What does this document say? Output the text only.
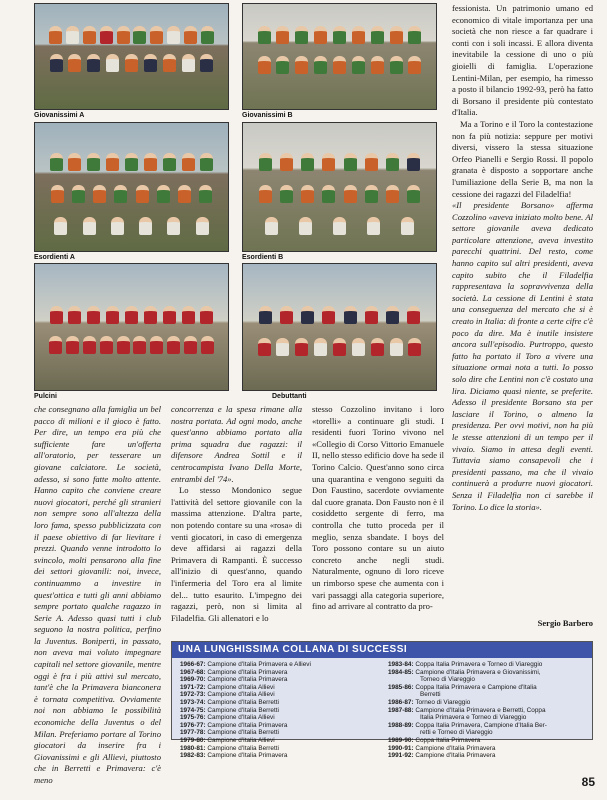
Giovanissimi A	Giovanissimi B
Esordienti A	Esordienti B
Pulcini	Debuttanti

fessionista. Un patrimonio umano ed economico di vitale importanza per una società che non riesce a far quadrare i conti con i soli incassi. E allora diventa inevitabile la cessione di uno o più gioielli di famiglia. L'operazione Lentini-Milan, per esempio, ha rimesso a posto il bilancio 1992-93, però ha fatto di Borsano il presidente più contestato d'Italia.

Ma a Torino e il Toro la contestazione non fa più notizia: seppure per motivi diversi, vissero la stessa situazione Orfeo Pianelli e Sergio Rossi. Il popolo granata è disposto a sopportare anche l'umiliazione della Serie B, ma non la cessione dei ragazzi del Filadelfia!

«Il presidente Borsano» afferma Cozzolino «aveva iniziato molto bene. Al settore giovanile aveva dedicato particolare attenzione, aveva investito parecchi quattrini. Del resto, come hanno capito sul altri presidenti, aveva capito subito che il Filadelfia rappresentava la sopravvivenza della società. La cessione di Lentini è stata una conseguenza del mercato che si è creato in Italia: di fronte a certe cifre c'è poco da dire. Ma è inutile insistere ancora sull'episodio. Purtroppo, questo fatto ha portato il Toro a vivere una situazione ormai nota a tutti. Io posso solo dire che Lentini non c'è costato una lira. Diciamo quasi niente, se preferite. Adesso il presidente Borsano sta per lasciare il Torino, o almeno la presidenza. Per ovvi motivi, non ha più le stesse attenzioni di un tempo per il vivaio. Siamo in attesa degli eventi. Tuttavia siamo consapevoli che i presidenti passano, ma che il vivaio continuerà a produrre nuovi giocatori. Senza il Filadelfia non ci sarebbe il Torino. Lo dice la storia».

Sergio Barbero

che consegnano alla famiglia un bel pacco di milioni e il gioco è fatto. Per dire, un tempo era più che sufficiente fare un'offerta all'oratorio, per tesserare un giovane calciatore. Le società, adesso, si sono fatte molto attente. Hanno capito che conviene creare nuovi giocatori, perché gli stranieri non sempre sono all'altezza della loro fama, spesso pubblicizzata con il paese obiettivo di far lievitare i prezzi. Quando venne introdotto lo svincolo, molti pensarono alla fine dei settori giovanili: noi, invece, continuammo a investire in quest'ottica e tutti gli anni abbiamo sempre portato qualche ragazzo in Serie A. Adesso quasi tutti i club seguono la nostra politica, perfino la Juventus. Boniperti, in passato, non aveva mai voluto impegnare capitali nel settore giovanile, mentre oggi è fra i più attivi sul mercato, tant'è che la Primavera bianconera è tornata competitiva. Ovviamente noi non abbiamo le possibilità economiche della Juventus o del Milan. Preferiamo portare al Torino giocatori da inserire fra i Giovanissimi e gli Allievi, piuttosto che in Berretti e Primavera: c'è meno

concorrenza e la spesa rimane alla nostra portata. Ad ogni modo, anche quest'anno abbiamo portato alla prima squadra due ragazzi: il difensore Andrea Sottil e il centrocampista Ivano Della Morte, entrambi del '74».

Lo stesso Mondonico segue l'attività del settore giovanile con la massima attenzione. D'altra parte, non potendo contare su una «rosa» di venti giocatori, in caso di emergenza deve affidarsi ai ragazzi della Primavera di Rampanti. È successo all'inizio di quest'anno, quando l'infermeria del Toro era al limite del... tutto esaurito. L'impegno dei ragazzi, però, non si limita al Filadelfia. Gli allenatori e lo

stesso Cozzolino invitano i loro «torelli» a continuare gli studi. I residenti fuori Torino vivono nel «Collegio di Corso Vittorio Emanuele II, nello stesso edificio dove ha sede il Torino Calcio. Quest'anno sono circa una quarantina e vengono seguiti da Don Faustino, sacerdote ovviamente dal cuore granata. Don Fausto non è il cosiddetto sergente di ferro, ma controlla che tutto proceda per il meglio, senza sbandate. I boys del Toro possono contare su un aiuto concreto anche negli studi. Naturalmente, ognuno di loro riceve un rimborso spese che aumenta con i vari passaggi alla categoria superiore, fino ad arrivare al contratto da pro-

UNA LUNGHISSIMA COLLANA DI SUCCESSI
1966-67: Campione d'Italia Primavera e Allievi
1967-68: Campione d'Italia Primavera
1969-70: Campione d'Italia Primavera
1971-72: Campione d'Italia Allievi
1972-73: Campione d'Italia Allievi
1973-74: Campione d'Italia Berretti
1974-75: Campione d'Italia Berretti
1975-76: Campione d'Italia Allievi
1976-77: Campione d'Italia Primavera
1977-78: Campione d'Italia Berretti
1979-80: Campione d'Italia Allievi
1980-81: Campione d'Italia Berretti
1982-83: Campione d'Italia Primavera
1983-84: Coppa Italia Primavera e Torneo di Viareggio
1984-85: Campione d'Italia Primavera e Giovanissimi,
Torneo di Viareggio
1985-86: Coppa Italia Primavera e Campione d'Italia
Berretti
1986-87: Torneo di Viareggio
1987-88: Campione d'Italia Primavera e Berretti, Coppa
Italia Primavera e Torneo di Viareggio
1988-89: Coppa Italia Primavera, Campione d'Italia Ber-
retti e Torneo di Viareggio
1989-90: Coppa Italia Primavera
1990-91: Campione d'Italia Primavera
1991-92: Campione d'Italia Primavera
85
